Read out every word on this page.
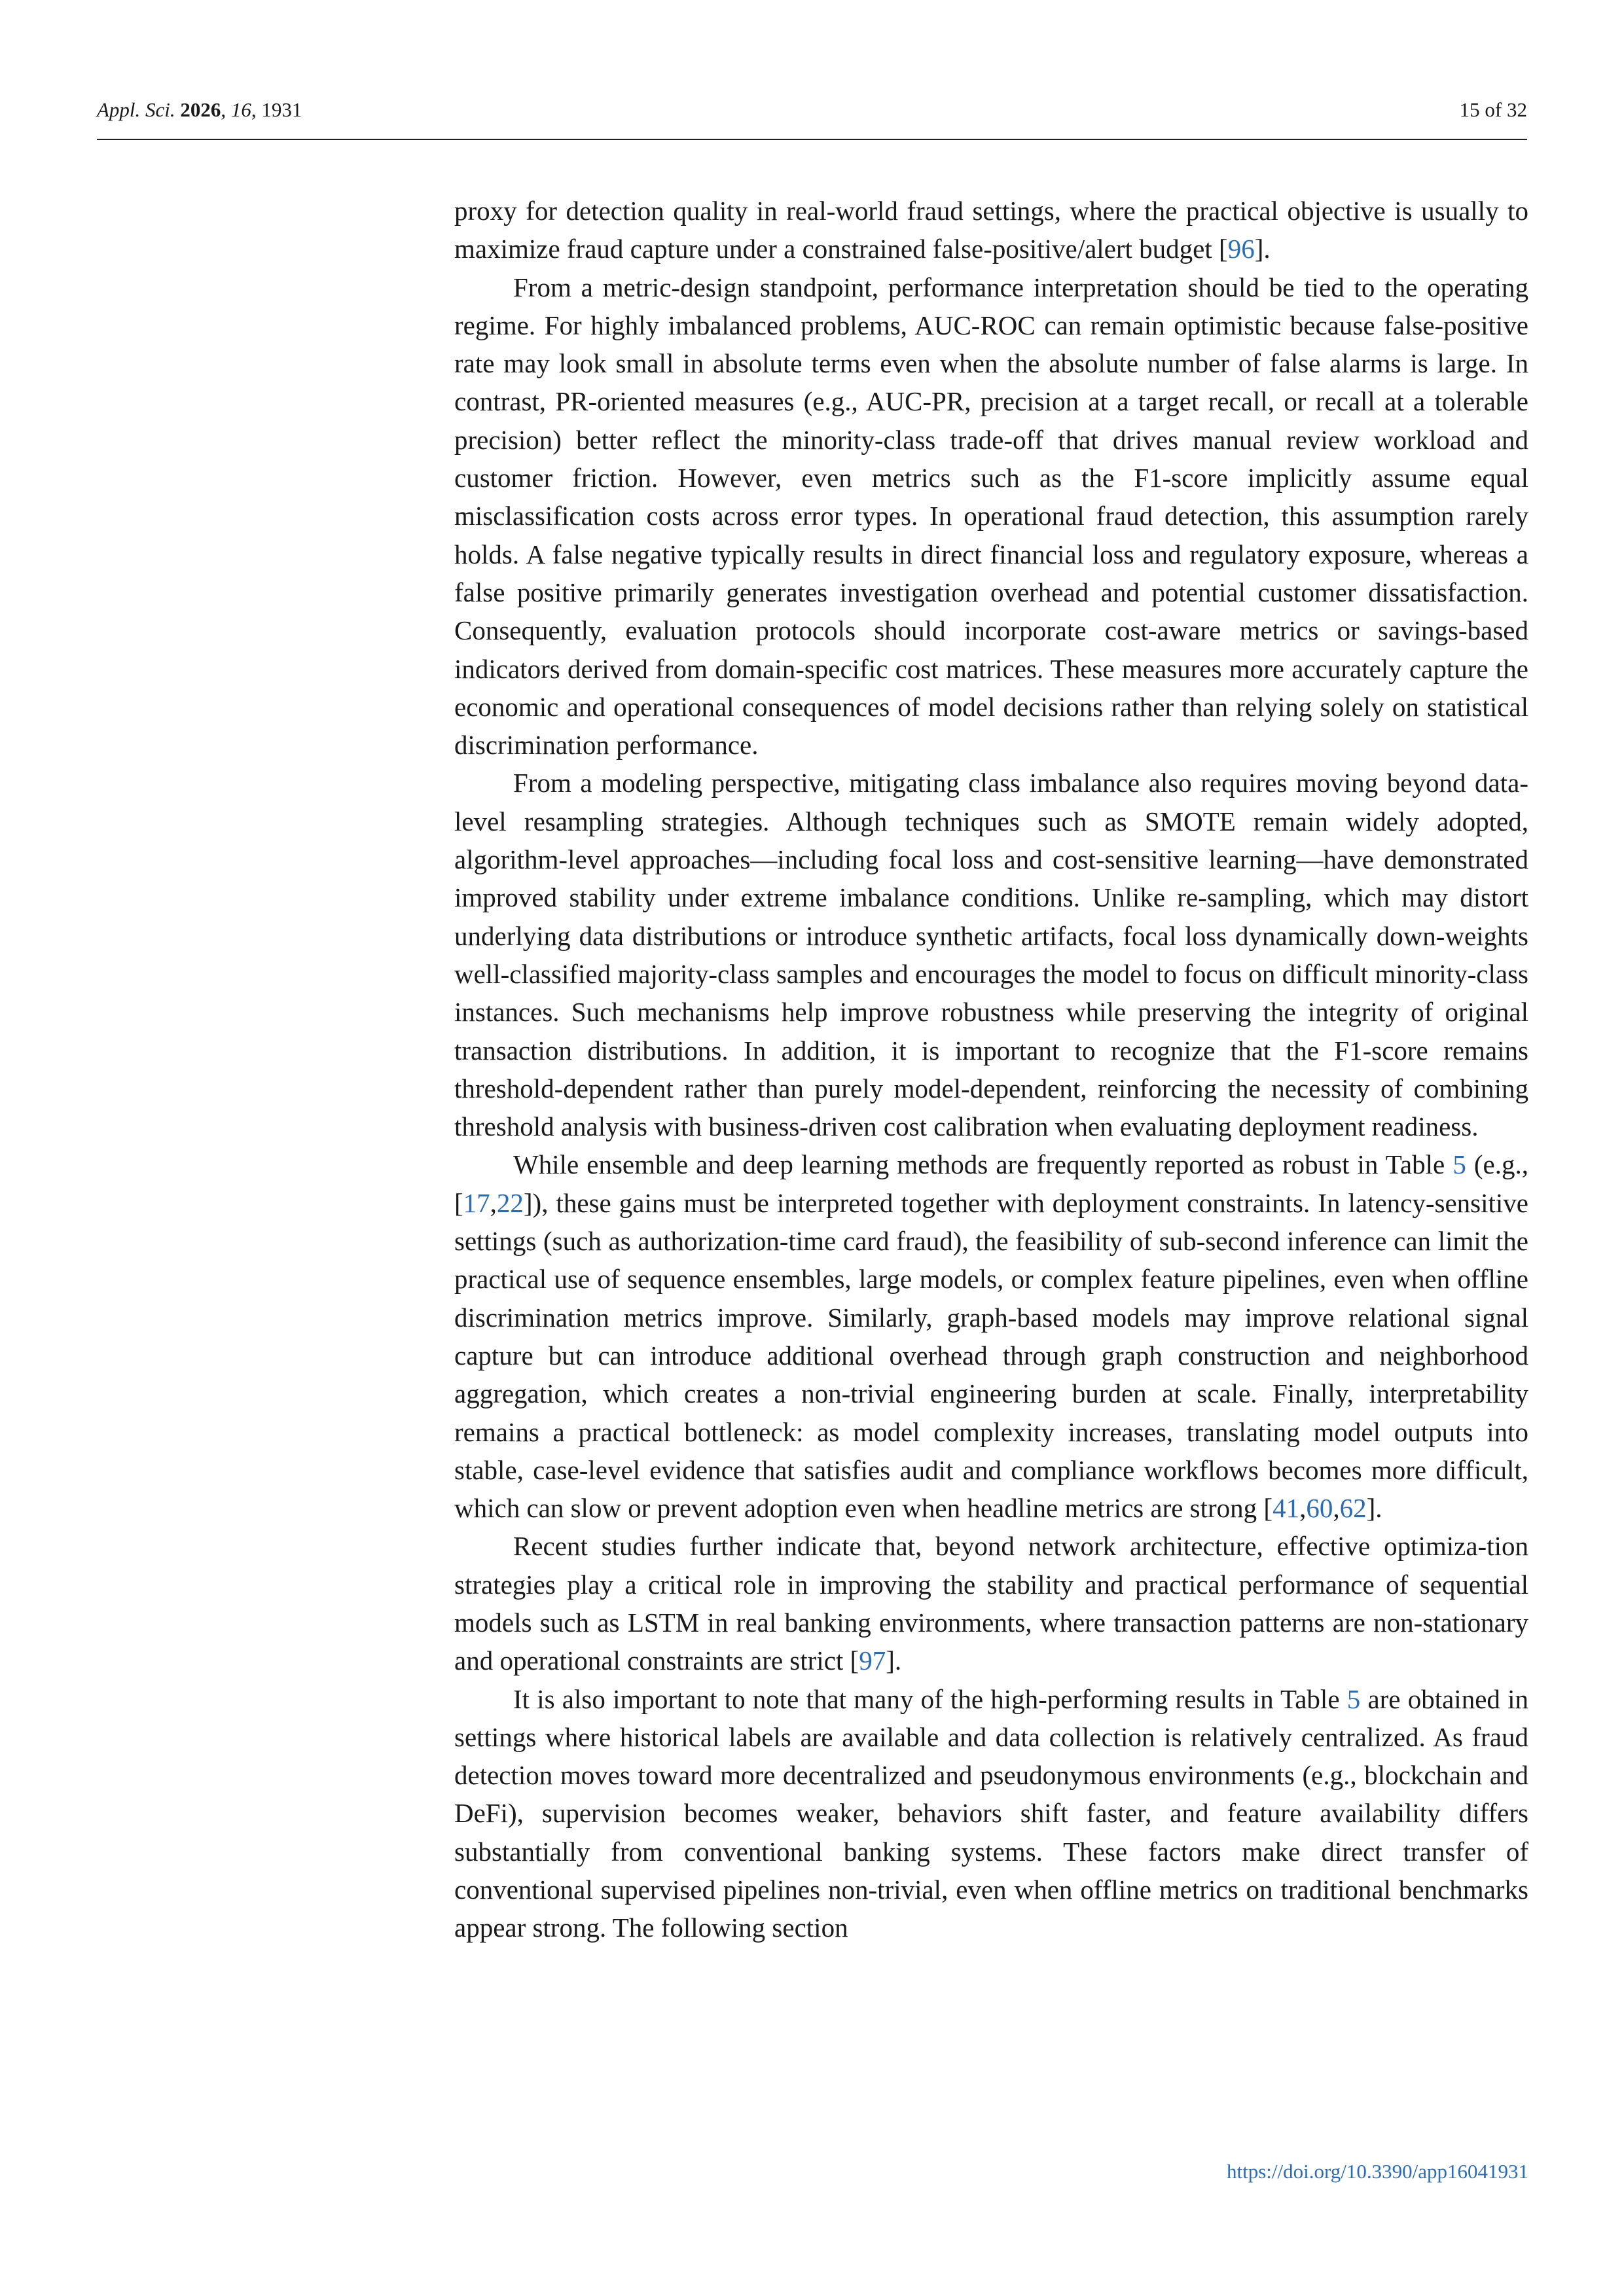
Appl. Sci. 2026, 16, 1931	15 of 32

proxy for detection quality in real-world fraud settings, where the practical objective is usually to maximize fraud capture under a constrained false-positive/alert budget [96].

From a metric-design standpoint, performance interpretation should be tied to the operating regime. For highly imbalanced problems, AUC-ROC can remain optimistic because false-positive rate may look small in absolute terms even when the absolute number of false alarms is large. In contrast, PR-oriented measures (e.g., AUC-PR, precision at a target recall, or recall at a tolerable precision) better reflect the minority-class trade-off that drives manual review workload and customer friction. However, even metrics such as the F1-score implicitly assume equal misclassification costs across error types. In operational fraud detection, this assumption rarely holds. A false negative typically results in direct financial loss and regulatory exposure, whereas a false positive primarily generates investigation overhead and potential customer dissatisfaction. Consequently, evaluation protocols should incorporate cost-aware metrics or savings-based indicators derived from domain-specific cost matrices. These measures more accurately capture the economic and operational consequences of model decisions rather than relying solely on statistical discrimination performance.

From a modeling perspective, mitigating class imbalance also requires moving beyond data-level resampling strategies. Although techniques such as SMOTE remain widely adopted, algorithm-level approaches—including focal loss and cost-sensitive learning—have demonstrated improved stability under extreme imbalance conditions. Unlike re-sampling, which may distort underlying data distributions or introduce synthetic artifacts, focal loss dynamically down-weights well-classified majority-class samples and encourages the model to focus on difficult minority-class instances. Such mechanisms help improve robustness while preserving the integrity of original transaction distributions. In addition, it is important to recognize that the F1-score remains threshold-dependent rather than purely model-dependent, reinforcing the necessity of combining threshold analysis with business-driven cost calibration when evaluating deployment readiness.

While ensemble and deep learning methods are frequently reported as robust in Table 5 (e.g., [17,22]), these gains must be interpreted together with deployment constraints. In latency-sensitive settings (such as authorization-time card fraud), the feasibility of sub-second inference can limit the practical use of sequence ensembles, large models, or complex feature pipelines, even when offline discrimination metrics improve. Similarly, graph-based models may improve relational signal capture but can introduce additional overhead through graph construction and neighborhood aggregation, which creates a non-trivial engineering burden at scale. Finally, interpretability remains a practical bottleneck: as model complexity increases, translating model outputs into stable, case-level evidence that satisfies audit and compliance workflows becomes more difficult, which can slow or prevent adoption even when headline metrics are strong [41,60,62].

Recent studies further indicate that, beyond network architecture, effective optimiza-tion strategies play a critical role in improving the stability and practical performance of sequential models such as LSTM in real banking environments, where transaction patterns are non-stationary and operational constraints are strict [97].

It is also important to note that many of the high-performing results in Table 5 are obtained in settings where historical labels are available and data collection is relatively centralized. As fraud detection moves toward more decentralized and pseudonymous environments (e.g., blockchain and DeFi), supervision becomes weaker, behaviors shift faster, and feature availability differs substantially from conventional banking systems. These factors make direct transfer of conventional supervised pipelines non-trivial, even when offline metrics on traditional benchmarks appear strong. The following section

https://doi.org/10.3390/app16041931
